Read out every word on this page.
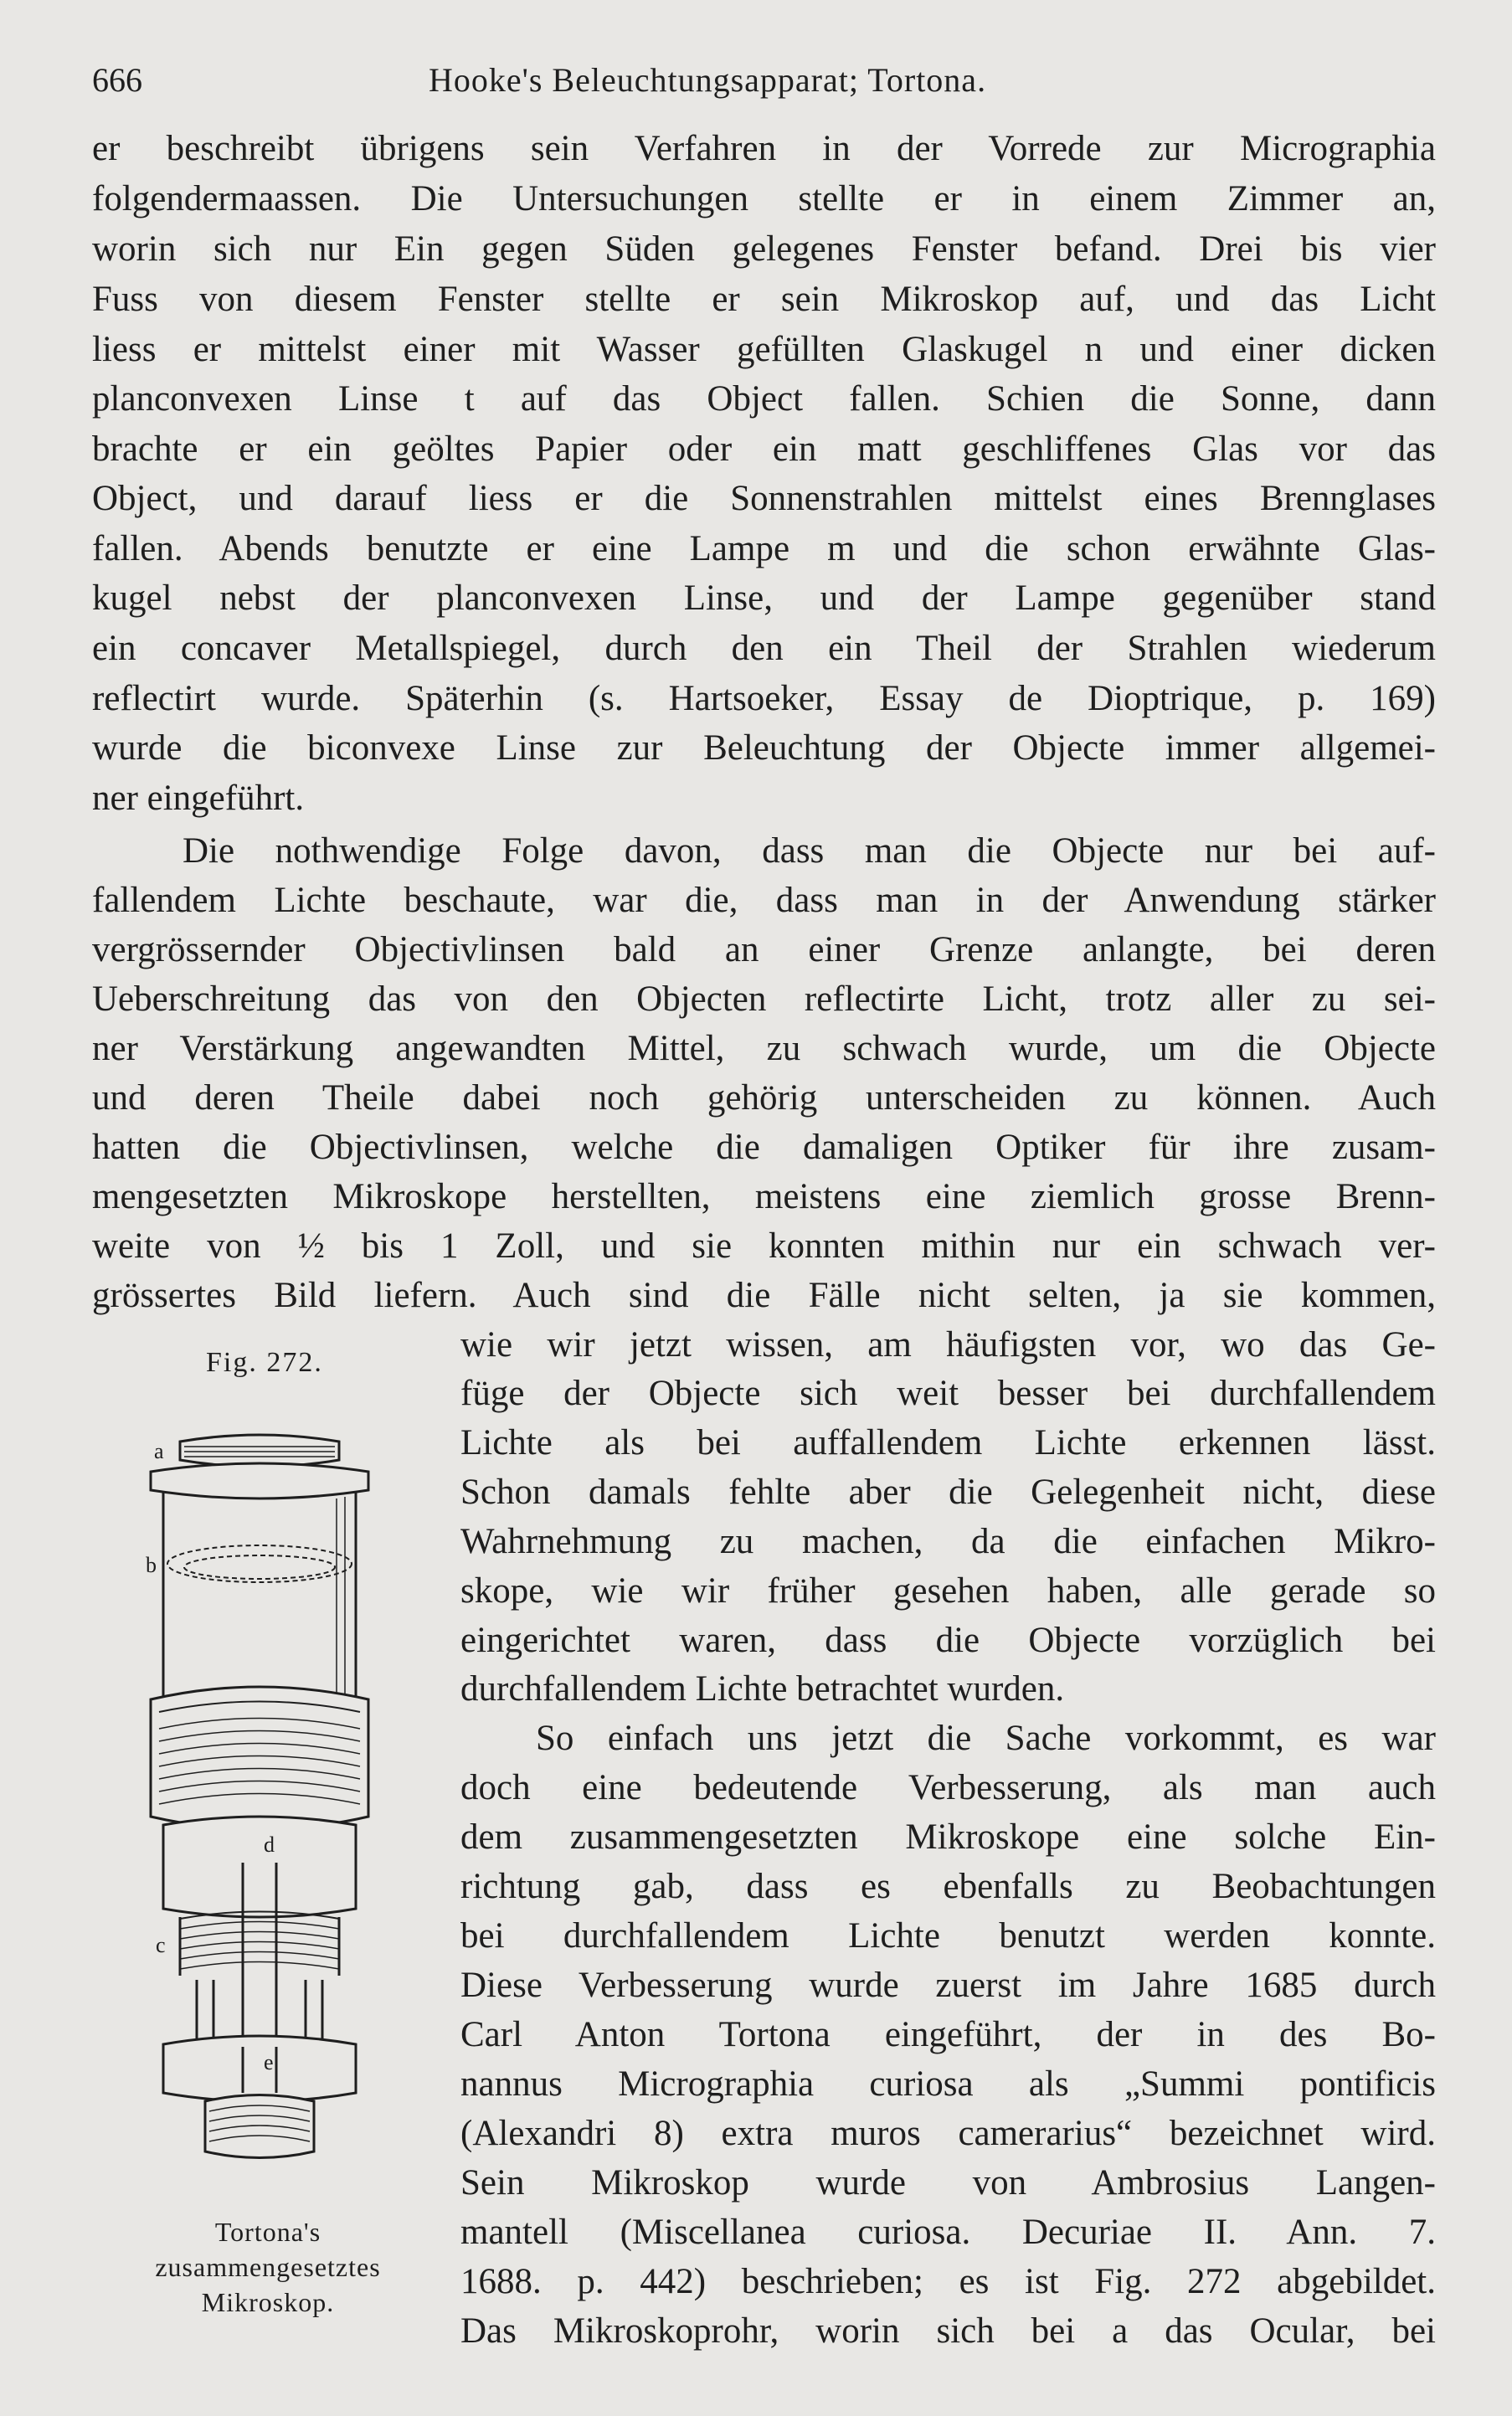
666	Hooke's Beleuchtungsapparat; Tortona.
er beschreibt übrigens sein Verfahren in der Vorrede zur Micrographia
folgendermaassen. Die Untersuchungen stellte er in einem Zimmer an,
worin sich nur Ein gegen Süden gelegenes Fenster befand. Drei bis vier
Fuss von diesem Fenster stellte er sein Mikroskop auf, und das Licht
liess er mittelst einer mit Wasser gefüllten Glaskugel n und einer dicken
planconvexen Linse t auf das Object fallen. Schien die Sonne, dann
brachte er ein geöltes Papier oder ein matt geschliffenes Glas vor das
Object, und darauf liess er die Sonnenstrahlen mittelst eines Brennglases
fallen. Abends benutzte er eine Lampe m und die schon erwähnte Glas-
kugel nebst der planconvexen Linse, und der Lampe gegenüber stand
ein concaver Metallspiegel, durch den ein Theil der Strahlen wiederum
reflectirt wurde. Späterhin (s. Hartsoeker, Essay de Dioptrique, p. 169)
wurde die biconvexe Linse zur Beleuchtung der Objecte immer allgemei-
ner eingeführt.
Die nothwendige Folge davon, dass man die Objecte nur bei auf-
fallendem Lichte beschaute, war die, dass man in der Anwendung stärker
vergrössernder Objectivlinsen bald an einer Grenze anlangte, bei deren
Ueberschreitung das von den Objecten reflectirte Licht, trotz aller zu sei-
ner Verstärkung angewandten Mittel, zu schwach wurde, um die Objecte
und deren Theile dabei noch gehörig unterscheiden zu können. Auch
hatten die Objectivlinsen, welche die damaligen Optiker für ihre zusam-
mengesetzten Mikroskope herstellten, meistens eine ziemlich grosse Brenn-
weite von ½ bis 1 Zoll, und sie konnten mithin nur ein schwach ver-
grössertes Bild liefern. Auch sind die Fälle nicht selten, ja sie kommen,
wie wir jetzt wissen, am häufigsten vor, wo das Ge-
füge der Objecte sich weit besser bei durchfallendem
Lichte als bei auffallendem Lichte erkennen lässt.
Schon damals fehlte aber die Gelegenheit nicht, diese
Wahrnehmung zu machen, da die einfachen Mikro-
skope, wie wir früher gesehen haben, alle gerade so
eingerichtet waren, dass die Objecte vorzüglich bei
durchfallendem Lichte betrachtet wurden.
So einfach uns jetzt die Sache vorkommt, es war
doch eine bedeutende Verbesserung, als man auch
dem zusammengesetzten Mikroskope eine solche Ein-
richtung gab, dass es ebenfalls zu Beobachtungen
bei durchfallendem Lichte benutzt werden konnte.
Diese Verbesserung wurde zuerst im Jahre 1685 durch
Carl Anton Tortona eingeführt, der in des Bo-
nannus Micrographia curiosa als „Summi pontificis
(Alexandri 8) extra muros camerarius“ bezeichnet wird.
Sein Mikroskop wurde von Ambrosius Langen-
mantell (Miscellanea curiosa. Decuriae II. Ann. 7.
1688. p. 442) beschrieben; es ist Fig. 272 abgebildet.
Das Mikroskoprohr, worin sich bei a das Ocular, bei
Fig. 272.
a
b
d
c
e
Tortona's
zusammengesetztes
Mikroskop.
